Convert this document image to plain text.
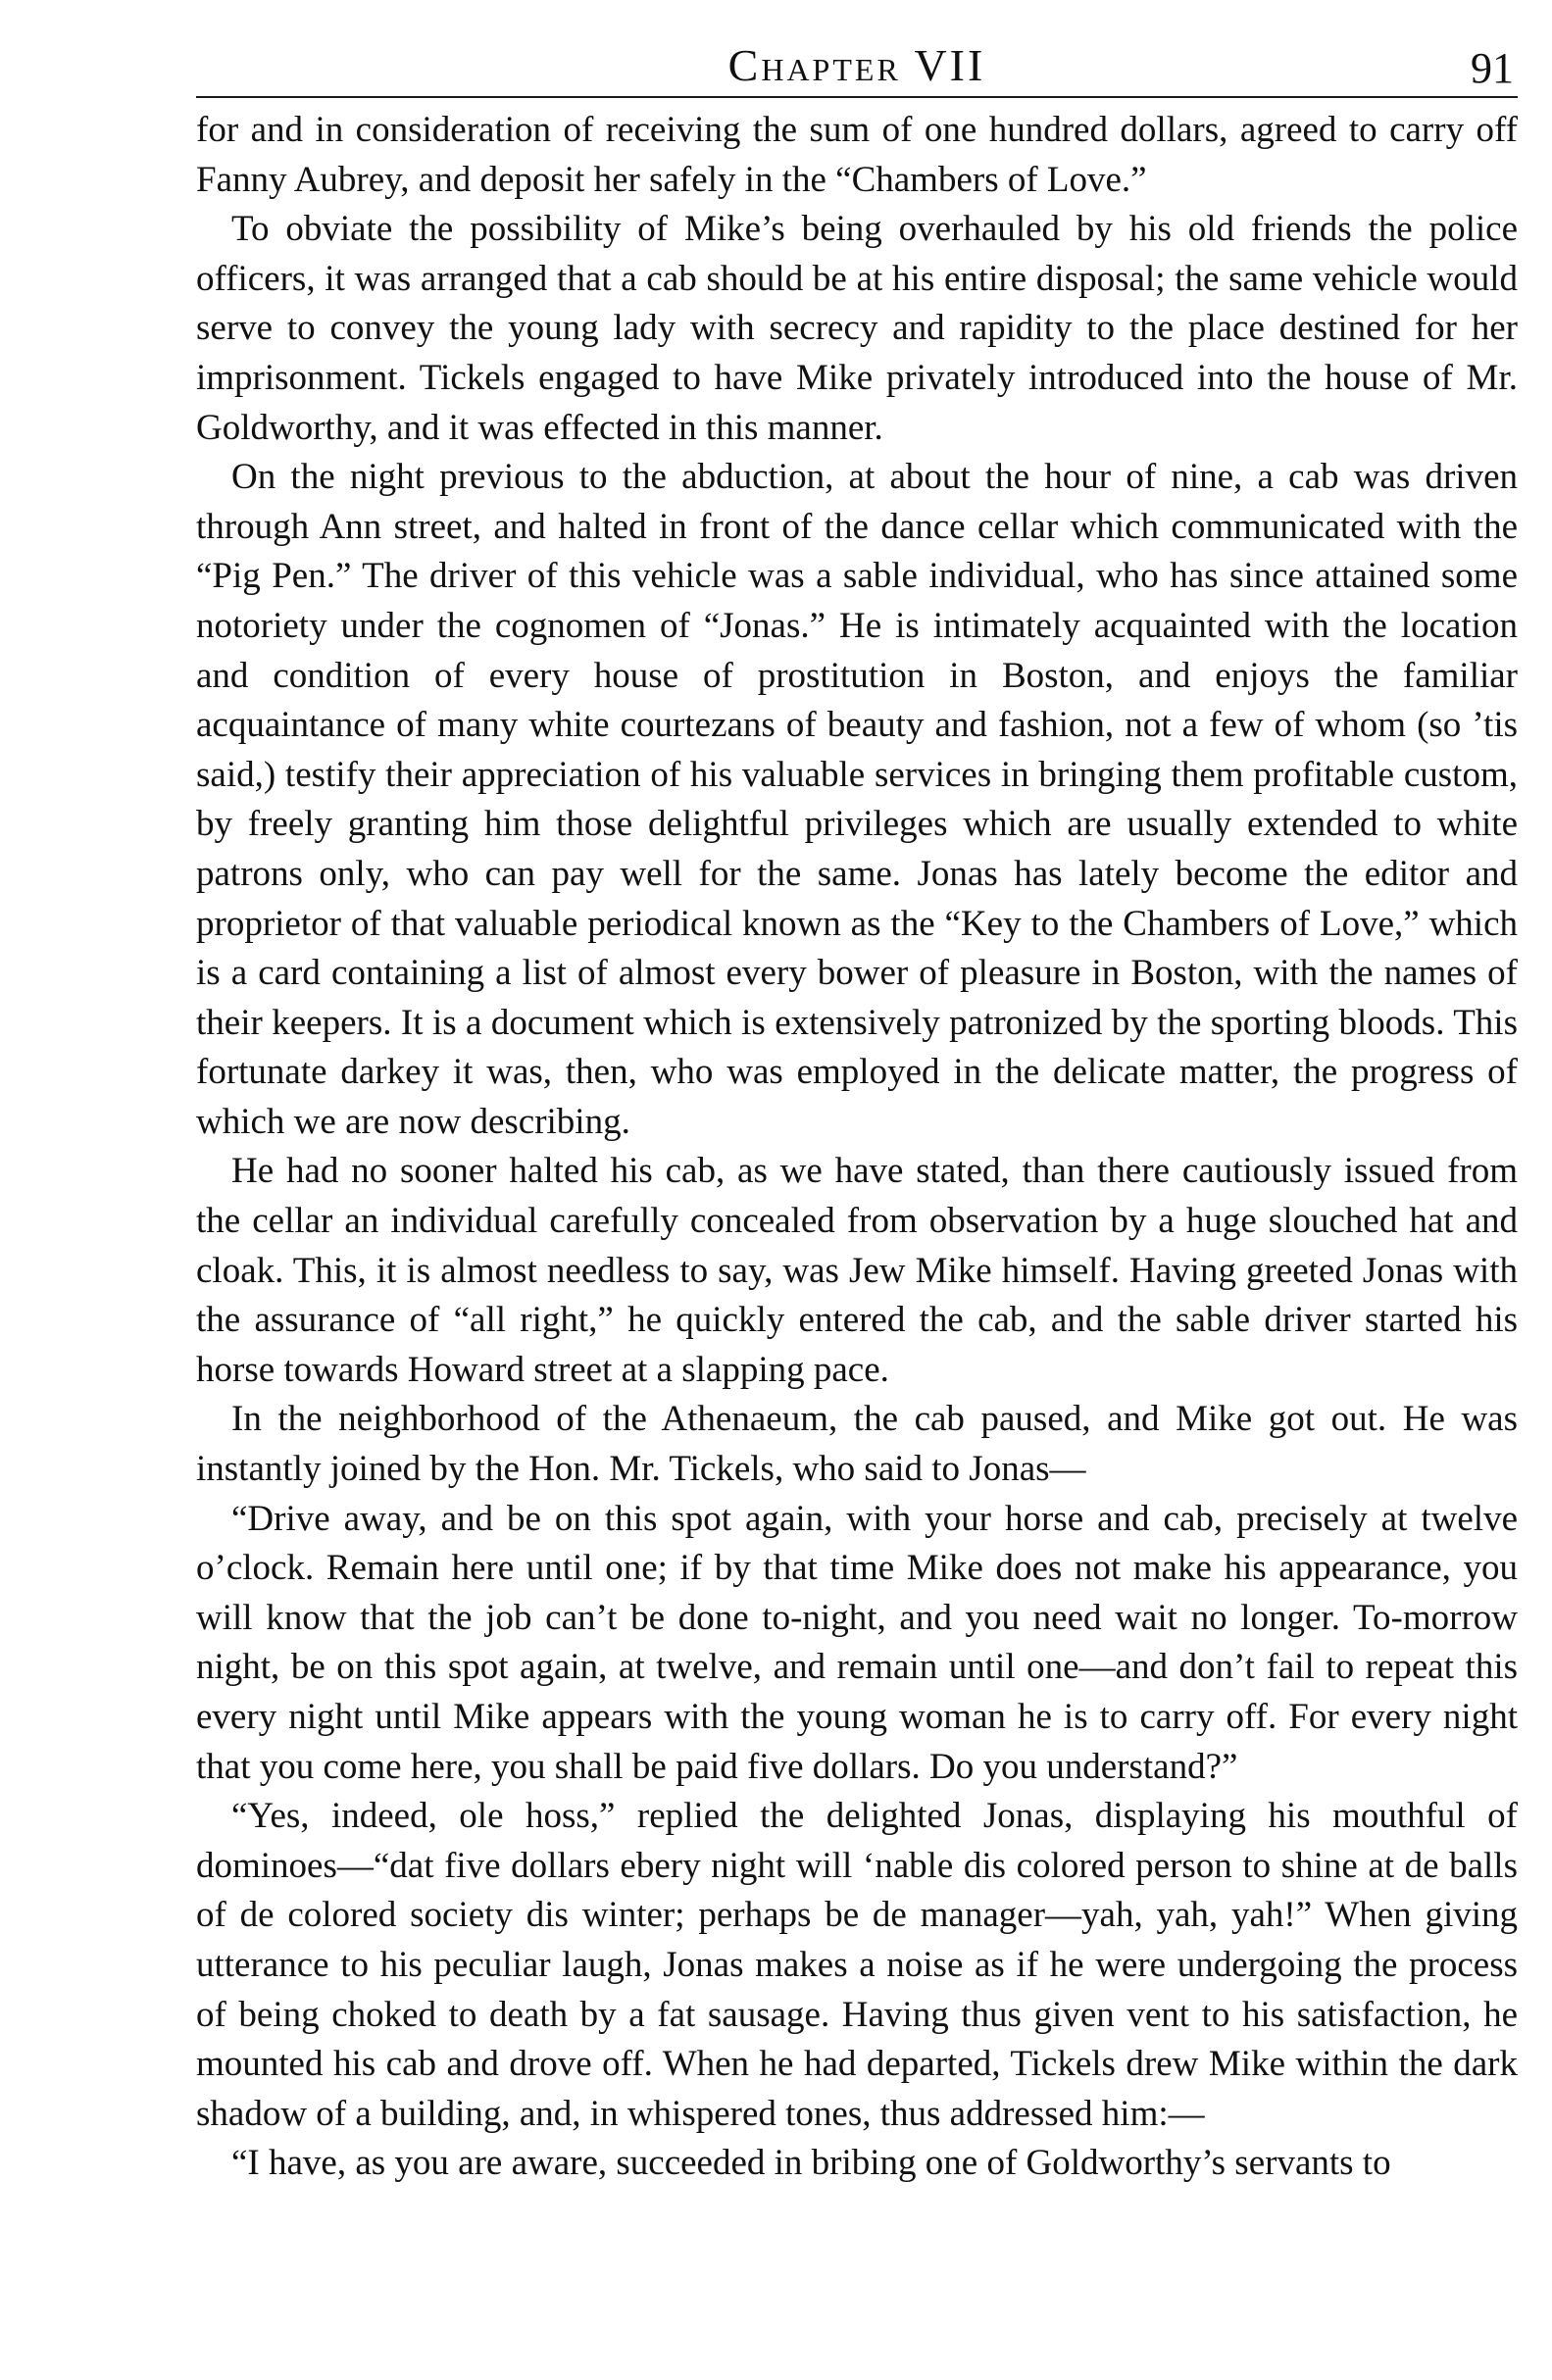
Chapter VII	91

for and in consideration of receiving the sum of one hundred dollars, agreed to carry off Fanny Aubrey, and deposit her safely in the “Chambers of Love.”

To obviate the possibility of Mike’s being overhauled by his old friends the police officers, it was arranged that a cab should be at his entire disposal; the same vehicle would serve to convey the young lady with secrecy and rapidity to the place destined for her imprisonment. Tickels engaged to have Mike privately introduced into the house of Mr. Goldworthy, and it was effected in this manner.

On the night previous to the abduction, at about the hour of nine, a cab was driven through Ann street, and halted in front of the dance cellar which communicated with the “Pig Pen.” The driver of this vehicle was a sable individual, who has since attained some notoriety under the cognomen of “Jonas.” He is intimately acquainted with the location and condition of every house of prostitution in Boston, and enjoys the familiar acquaintance of many white courtezans of beauty and fashion, not a few of whom (so ’tis said,) testify their appreciation of his valuable services in bringing them profitable custom, by freely granting him those delightful privileges which are usually extended to white patrons only, who can pay well for the same. Jonas has lately become the editor and proprietor of that valuable periodical known as the “Key to the Chambers of Love,” which is a card containing a list of almost every bower of pleasure in Boston, with the names of their keepers. It is a document which is extensively patronized by the sporting bloods. This fortunate darkey it was, then, who was employed in the delicate matter, the progress of which we are now describing.

He had no sooner halted his cab, as we have stated, than there cautiously issued from the cellar an individual carefully concealed from observation by a huge slouched hat and cloak. This, it is almost needless to say, was Jew Mike himself. Having greeted Jonas with the assurance of “all right,” he quickly entered the cab, and the sable driver started his horse towards Howard street at a slapping pace.

In the neighborhood of the Athenaeum, the cab paused, and Mike got out. He was instantly joined by the Hon. Mr. Tickels, who said to Jonas—

“Drive away, and be on this spot again, with your horse and cab, precisely at twelve o’clock. Remain here until one; if by that time Mike does not make his appearance, you will know that the job can’t be done to-night, and you need wait no longer. To-morrow night, be on this spot again, at twelve, and remain until one—and don’t fail to repeat this every night until Mike appears with the young woman he is to carry off. For every night that you come here, you shall be paid five dollars. Do you understand?”

“Yes, indeed, ole hoss,” replied the delighted Jonas, displaying his mouthful of dominoes—“dat five dollars ebery night will ‘nable dis colored person to shine at de balls of de colored society dis winter; perhaps be de manager—yah, yah, yah!” When giving utterance to his peculiar laugh, Jonas makes a noise as if he were undergoing the process of being choked to death by a fat sausage. Having thus given vent to his satisfaction, he mounted his cab and drove off. When he had departed, Tickels drew Mike within the dark shadow of a building, and, in whispered tones, thus addressed him:—

“I have, as you are aware, succeeded in bribing one of Goldworthy’s servants to
